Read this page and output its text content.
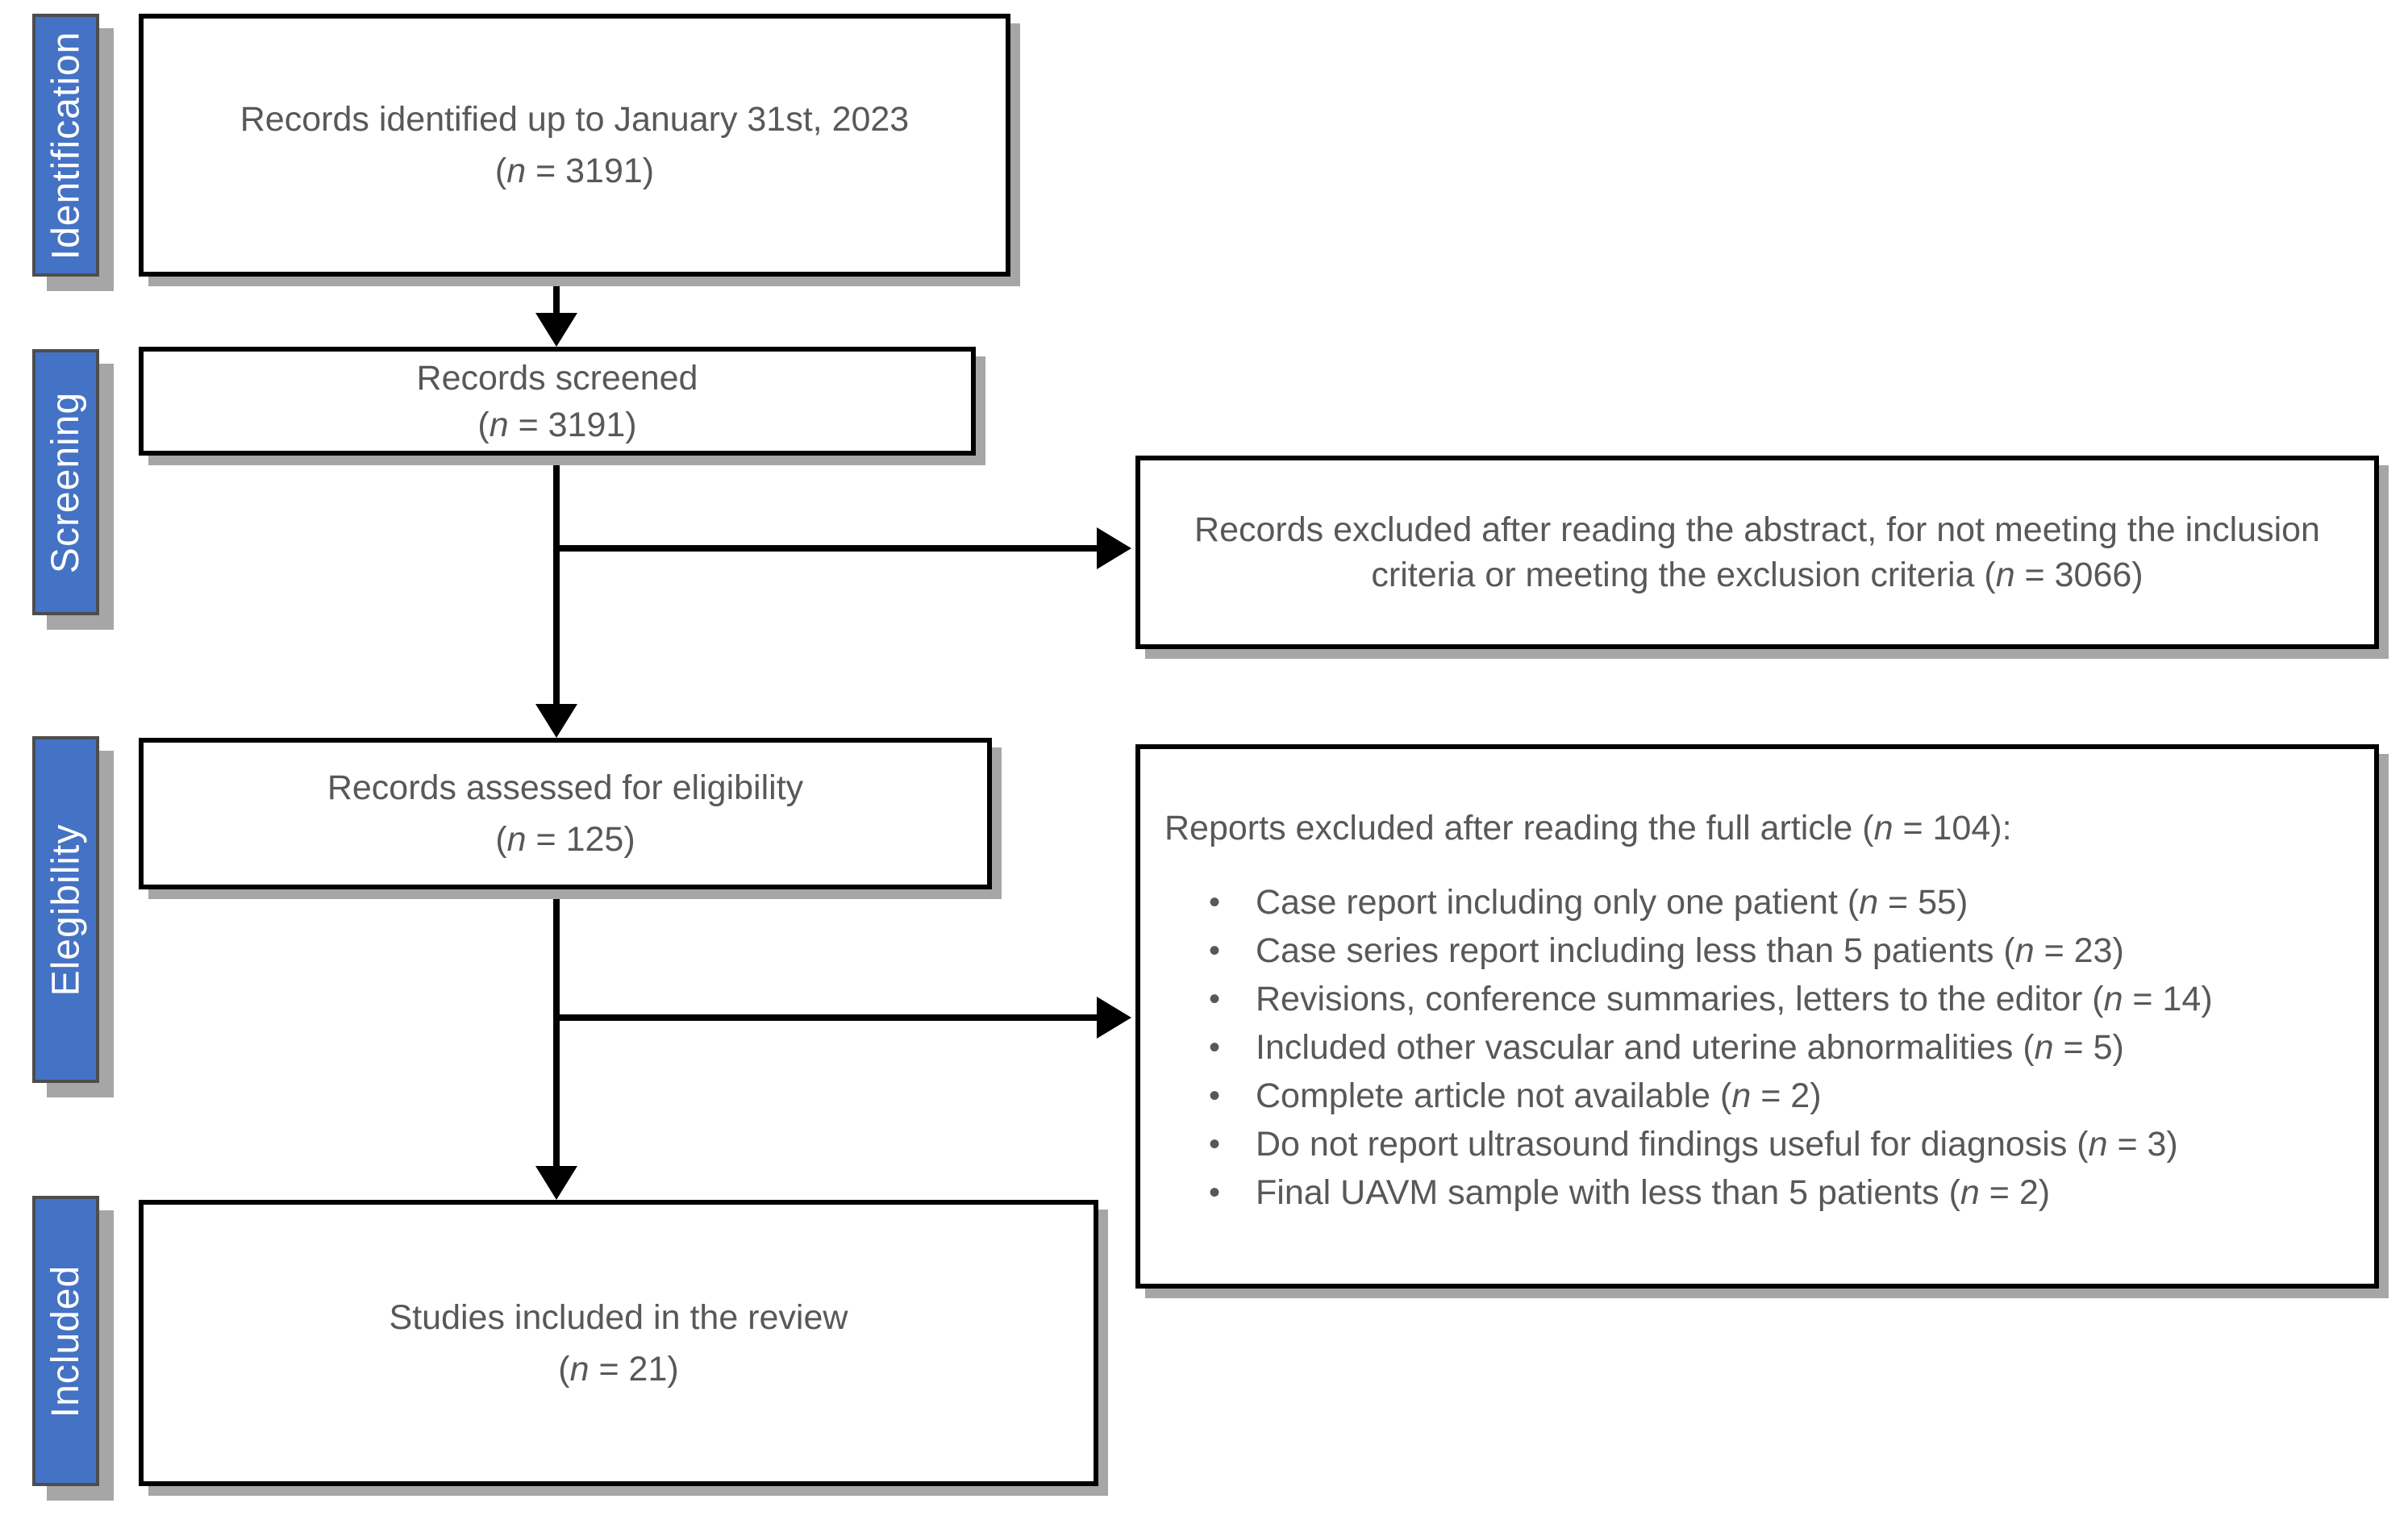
Identification
Screening
Elegibility
Included
Records identified up to January 31st, 2023
(n = 3191)
Records screened
(n = 3191)
Records assessed for eligibility
(n = 125)
Studies included in the review
(n = 21)
Records excluded after reading the abstract, for not meeting the inclusion criteria or meeting the exclusion criteria (n = 3066)

Reports excluded after reading the full article (n = 104):

• Case report including only one patient (n = 55)
• Case series report including less than 5 patients (n = 23)
• Revisions, conference summaries, letters to the editor (n = 14)
• Included other vascular and uterine abnormalities (n = 5)
• Complete article not available (n = 2)
• Do not report ultrasound findings useful for diagnosis (n = 3)
• Final UAVM sample with less than 5 patients (n = 2)
